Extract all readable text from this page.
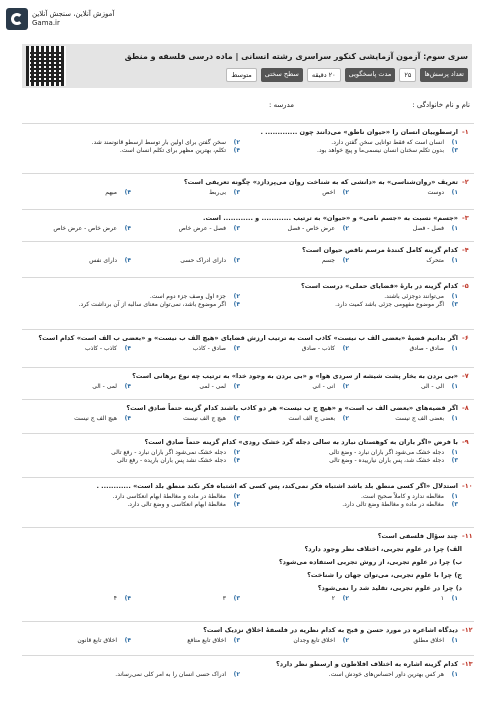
آموزش آنلاین، سنجش آنلاین
Gama.ir
سری سوم: آزمون آزمایشی کنکور سراسری رشته انسانی | ماده درسی فلسفه و منطق
تعداد پرسش‌ها
۲۵
مدت پاسخگویی
۲۰ دقیقه
سطح سختی
متوسط
نام و نام خانوادگی :
مدرسه :
۱-
ارسطوییان انسان را «حیوان ناطق» می‌دانند چون ............. .
۱)
انسان است که فقط توانایی سخن گفتن دارد.
۲)
سخن گفتن برای اولین بار توسط ارسطو قانونمند شد.
۳)
بدون تکلم سخنان انسان نیسمی‌ما و پیچ خواهد بود.
۴)
تکلم، بهترین مظهر برای تکلم انسان است.
۲-
تعریف «روان‌شناسی» به «دانشی که به شناخت روان می‌پردازد» چگونه تعریفی است؟
۱)
دوست
۲)
اخص
۳)
بی‌ربط
۴)
مبهم
۳-
«جسم» نسبت به «جسم نامی» و «حیوان» به ترتیب ............ و ............ است.
۱)
فصل - فصل
۲)
عرض خاص - فصل
۳)
فصل - عرض خاص
۴)
عرض خاص - عرض خاص
۴-
کدام گزینه کامل کنندهٔ مرسم ناقص حیوان است؟
۱)
متحرک
۲)
جسم
۳)
دارای ادراک حسی
۴)
دارای نفس
۵-
کدام گزینه در بارهٔ «قضایای حملی» درست است؟
۱)
می‌توانند دوجزئی باشند.
۲)
جزء اول وصف جزء دوم است.
۳)
اگر موضوع مفهومی جزئی باشد کمیت دارد.
۴)
اگر موضوع باشد، نمی‌توان معنای سالبه از آن برداشت کرد.
۶-
اگر بدانیم قضیهٔ «بعضی الف ب نیست» کاذب است به ترتیب ارزش قضایای «هیچ الف ب نیست» و «بعضی ب الف است» کدام است؟
۱)
صادق - صادق
۲)
کاذب - صادق
۳)
صادق - کاذب
۴)
کاذب - کاذب
۷-
«بی‌ بردن به بخار پشت شیشه از سردی هوا» و «بی بردن به وجود خدا» به ترتیب چه نوع برهانی است؟
۱)
الی - الی
۲)
انی - انی
۳)
لمی - لمی
۴)
لمی - الی
۸-
اگر قضیه‌های «بعضی الف ب است» و «هیچ ج ب نیست» هر دو کاذب باشند کدام گزینه حتماً صادق است؟
۱)
بعضی الف ج نیست
۲)
بعضی ج الف است
۳)
هیچ ج الف نیست
۴)
هیچ الف ج نیست
۹-
با فرض «اگر باران به کوهستان نبارد به سالی دجله گرد خشک رودی» کدام گزینه حتماً صادق است؟
۱)
دجله خشک می‌شود اگر باران نبارد - وضع تالی
۲)
دجله خشک نمی‌شود اگر باران نبارد - رفع تالی
۳)
دجله خشک شد، پس باران نیارییده - وضع تالی
۴)
دجله خشک نشد پس باران باریده - رفع تالی
۱۰-
استدلال «اگر کسی منطق بلد باشد اشتباه فکر نمی‌کند، پس کسی که اشتباه فکر نکند منطق بلد است» ............ .
۱)
مغالطه ندارد و کاملاً صحیح است.
۲)
مغالطهٔ در ماده و مغالطهٔ ابهام انعکاسی دارد.
۳)
مغالطه در ماده و مغالطهٔ وضع تالی دارد.
۴)
مغالطهٔ ابهام انعکاسی و وضع تالی دارد.
۱۱-
چند سؤال فلسفی است؟
الف) چرا در علوم تجربی، اختلاف نظر وجود دارد؟
ب) چرا در علوم تجربی، از روش تجربی استفاده می‌شود؟
ج) چرا با علوم تجربی، می‌توان جهان را شناخت؟
د) چرا در علوم تجربی، تقلید شد را نمی‌شود؟
۱)
۱
۲)
۲
۳)
۳
۴)
۴
۱۲-
دیدگاه اشاعره در مورد حسن و قبح به کدام نظریه در فلسفهٔ اخلاق نزدیک است؟
۱)
اخلاق مطلق
۲)
اخلاق تابع وجدان
۳)
اخلاق تابع منافع
۴)
اخلاق تابع قانون
۱۳-
کدام گزینه اشاره به اختلاف افلاطون و ارسطو نظر دارد؟
۱)
هر کس بهترین داور احساس‌های خودش است.
۲)
ادراک حسی انسان را به امر کلی نمی‌رساند.
